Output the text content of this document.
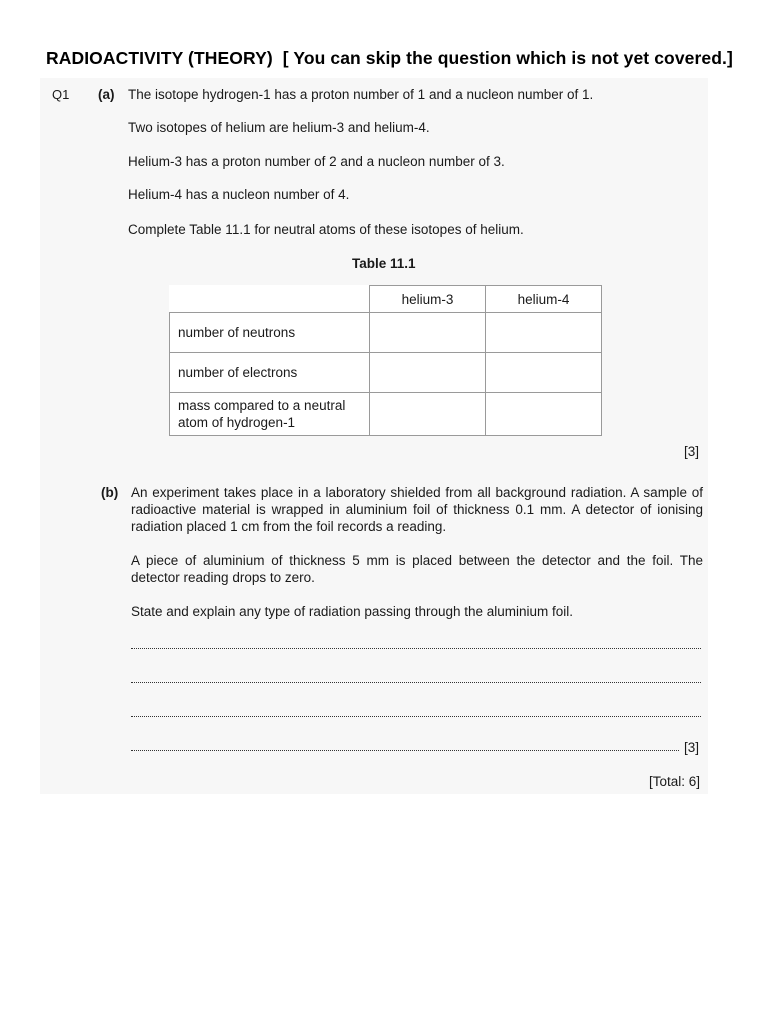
RADIOACTIVITY (THEORY) [ You can skip the question which is not yet covered.]
Q1 (a) The isotope hydrogen-1 has a proton number of 1 and a nucleon number of 1.
Two isotopes of helium are helium-3 and helium-4.
Helium-3 has a proton number of 2 and a nucleon number of 3.
Helium-4 has a nucleon number of 4.
Complete Table 11.1 for neutral atoms of these isotopes of helium.
Table 11.1
	helium-3	helium-4

number of neutrons		

number of electrons		

mass compared to a neutral
atom of hydrogen-1		

[3]
(b) An experiment takes place in a laboratory shielded from all background radiation. A sample of radioactive material is wrapped in aluminium foil of thickness 0.1 mm. A detector of ionising radiation placed 1 cm from the foil records a reading.
A piece of aluminium of thickness 5 mm is placed between the detector and the foil. The detector reading drops to zero.
State and explain any type of radiation passing through the aluminium foil.
[3]
[Total: 6]
